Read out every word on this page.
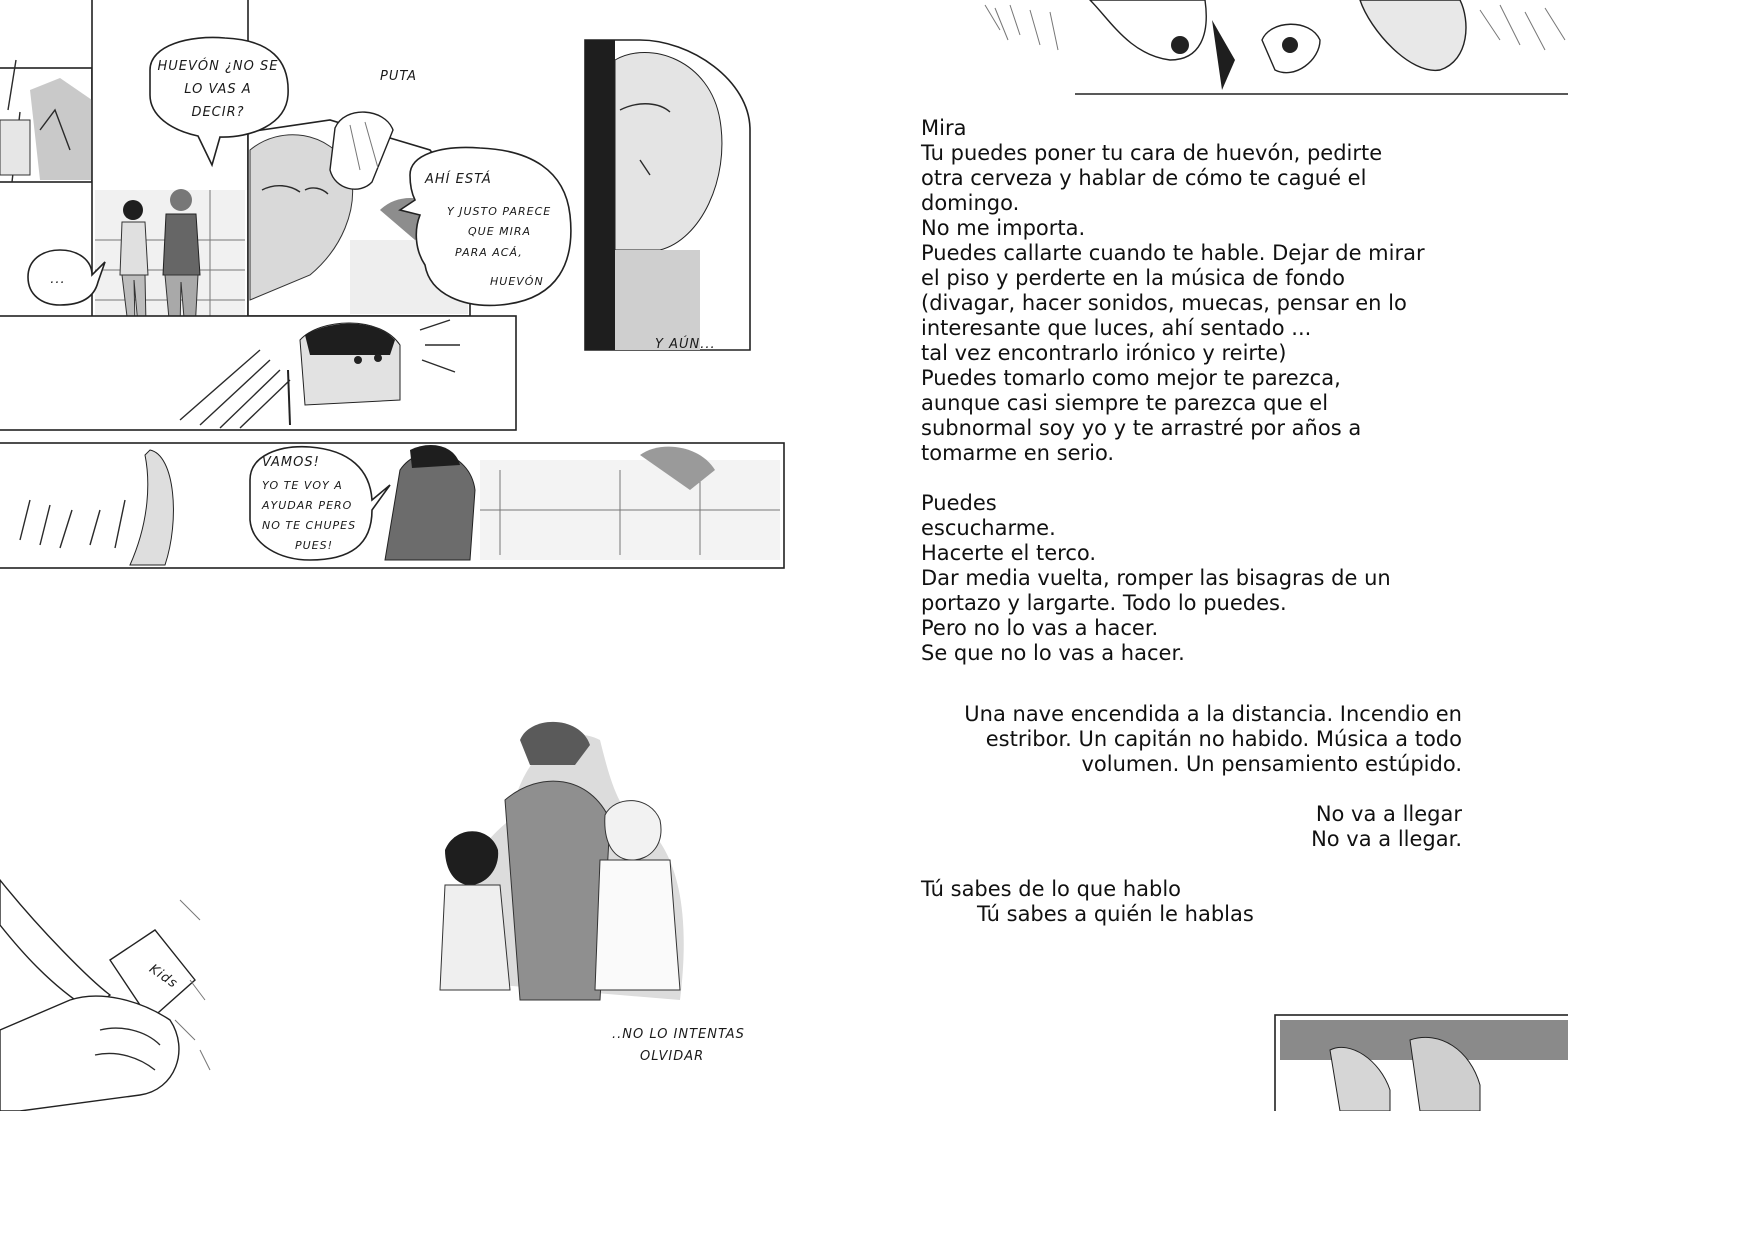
Kids
HUEVÓN ¿NO SE
LO VAS A
DECIR?
...
PUTA
AHÍ ESTÁ
Y JUSTO PARECE
QUE MIRA
PARA ACÁ,
HUEVÓN
Y AÚN...
VAMOS!
YO TE VOY A
AYUDAR PERO
NO TE CHUPES
PUES!
..NO LO INTENTAS
OLVIDAR
Mira
Tu puedes poner tu cara de huevón, pedirte
otra cerveza y hablar de cómo te cagué el
domingo.
No me importa.
Puedes callarte cuando te hable. Dejar de mirar
el piso y perderte en la música de fondo
(divagar, hacer sonidos, muecas, pensar en lo
interesante que luces, ahí sentado ...
tal vez encontrarlo irónico y reirte)
Puedes tomarlo como mejor te parezca,
aunque casi siempre te parezca que el
subnormal soy yo y te arrastré por años a
tomarme en serio.
Puedes
escucharme.
Hacerte el terco.
Dar media vuelta, romper las bisagras de un
portazo y largarte. Todo lo puedes.
Pero no lo vas a hacer.
Se que no lo vas a hacer.
Una nave encendida a la distancia. Incendio en
estribor. Un capitán no habido. Música a todo
volumen. Un pensamiento estúpido.
No va a llegar
No va a llegar.
Tú sabes de lo que hablo
Tú sabes a quién le hablas
